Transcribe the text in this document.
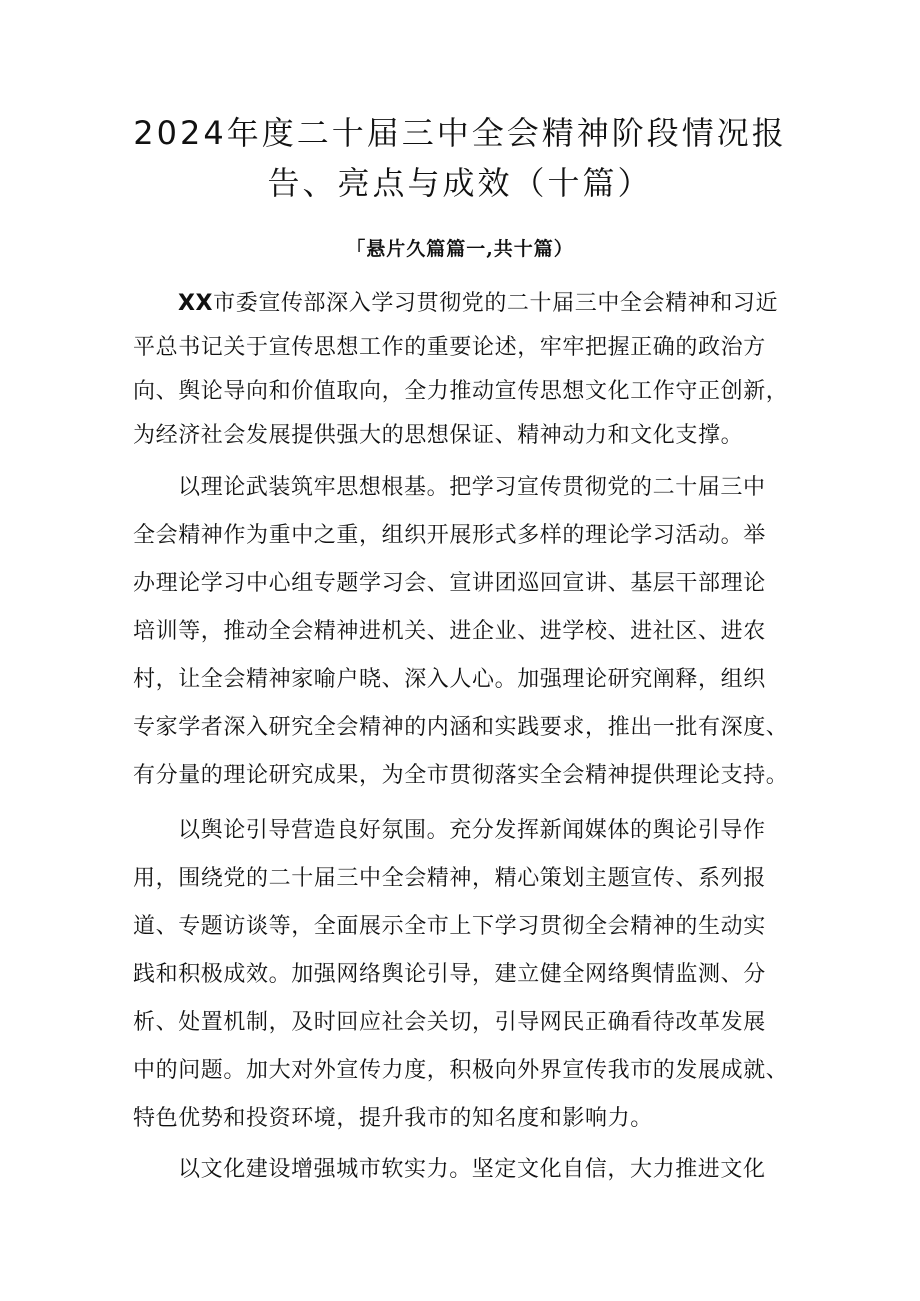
2024年度二十届三中全会精神阶段情况报
告、亮点与成效（十篇）
「悬片久篇篇一,共十篇）
XX市委宣传部深入学习贯彻党的二十届三中全会精神和习近
平总书记关于宣传思想工作的重要论述，牢牢把握正确的政治方
向、舆论导向和价值取向，全力推动宣传思想文化工作守正创新，
为经济社会发展提供强大的思想保证、精神动力和文化支撑。
以理论武装筑牢思想根基。把学习宣传贯彻党的二十届三中
全会精神作为重中之重，组织开展形式多样的理论学习活动。举
办理论学习中心组专题学习会、宣讲团巡回宣讲、基层干部理论
培训等，推动全会精神进机关、进企业、进学校、进社区、进农
村，让全会精神家喻户晓、深入人心。加强理论研究阐释，组织
专家学者深入研究全会精神的内涵和实践要求，推出一批有深度、
有分量的理论研究成果，为全市贯彻落实全会精神提供理论支持。
以舆论引导营造良好氛围。充分发挥新闻媒体的舆论引导作
用，围绕党的二十届三中全会精神，精心策划主题宣传、系列报
道、专题访谈等，全面展示全市上下学习贯彻全会精神的生动实
践和积极成效。加强网络舆论引导，建立健全网络舆情监测、分
析、处置机制，及时回应社会关切，引导网民正确看待改革发展
中的问题。加大对外宣传力度，积极向外界宣传我市的发展成就、
特色优势和投资环境，提升我市的知名度和影响力。
以文化建设增强城市软实力。坚定文化自信，大力推进文化
